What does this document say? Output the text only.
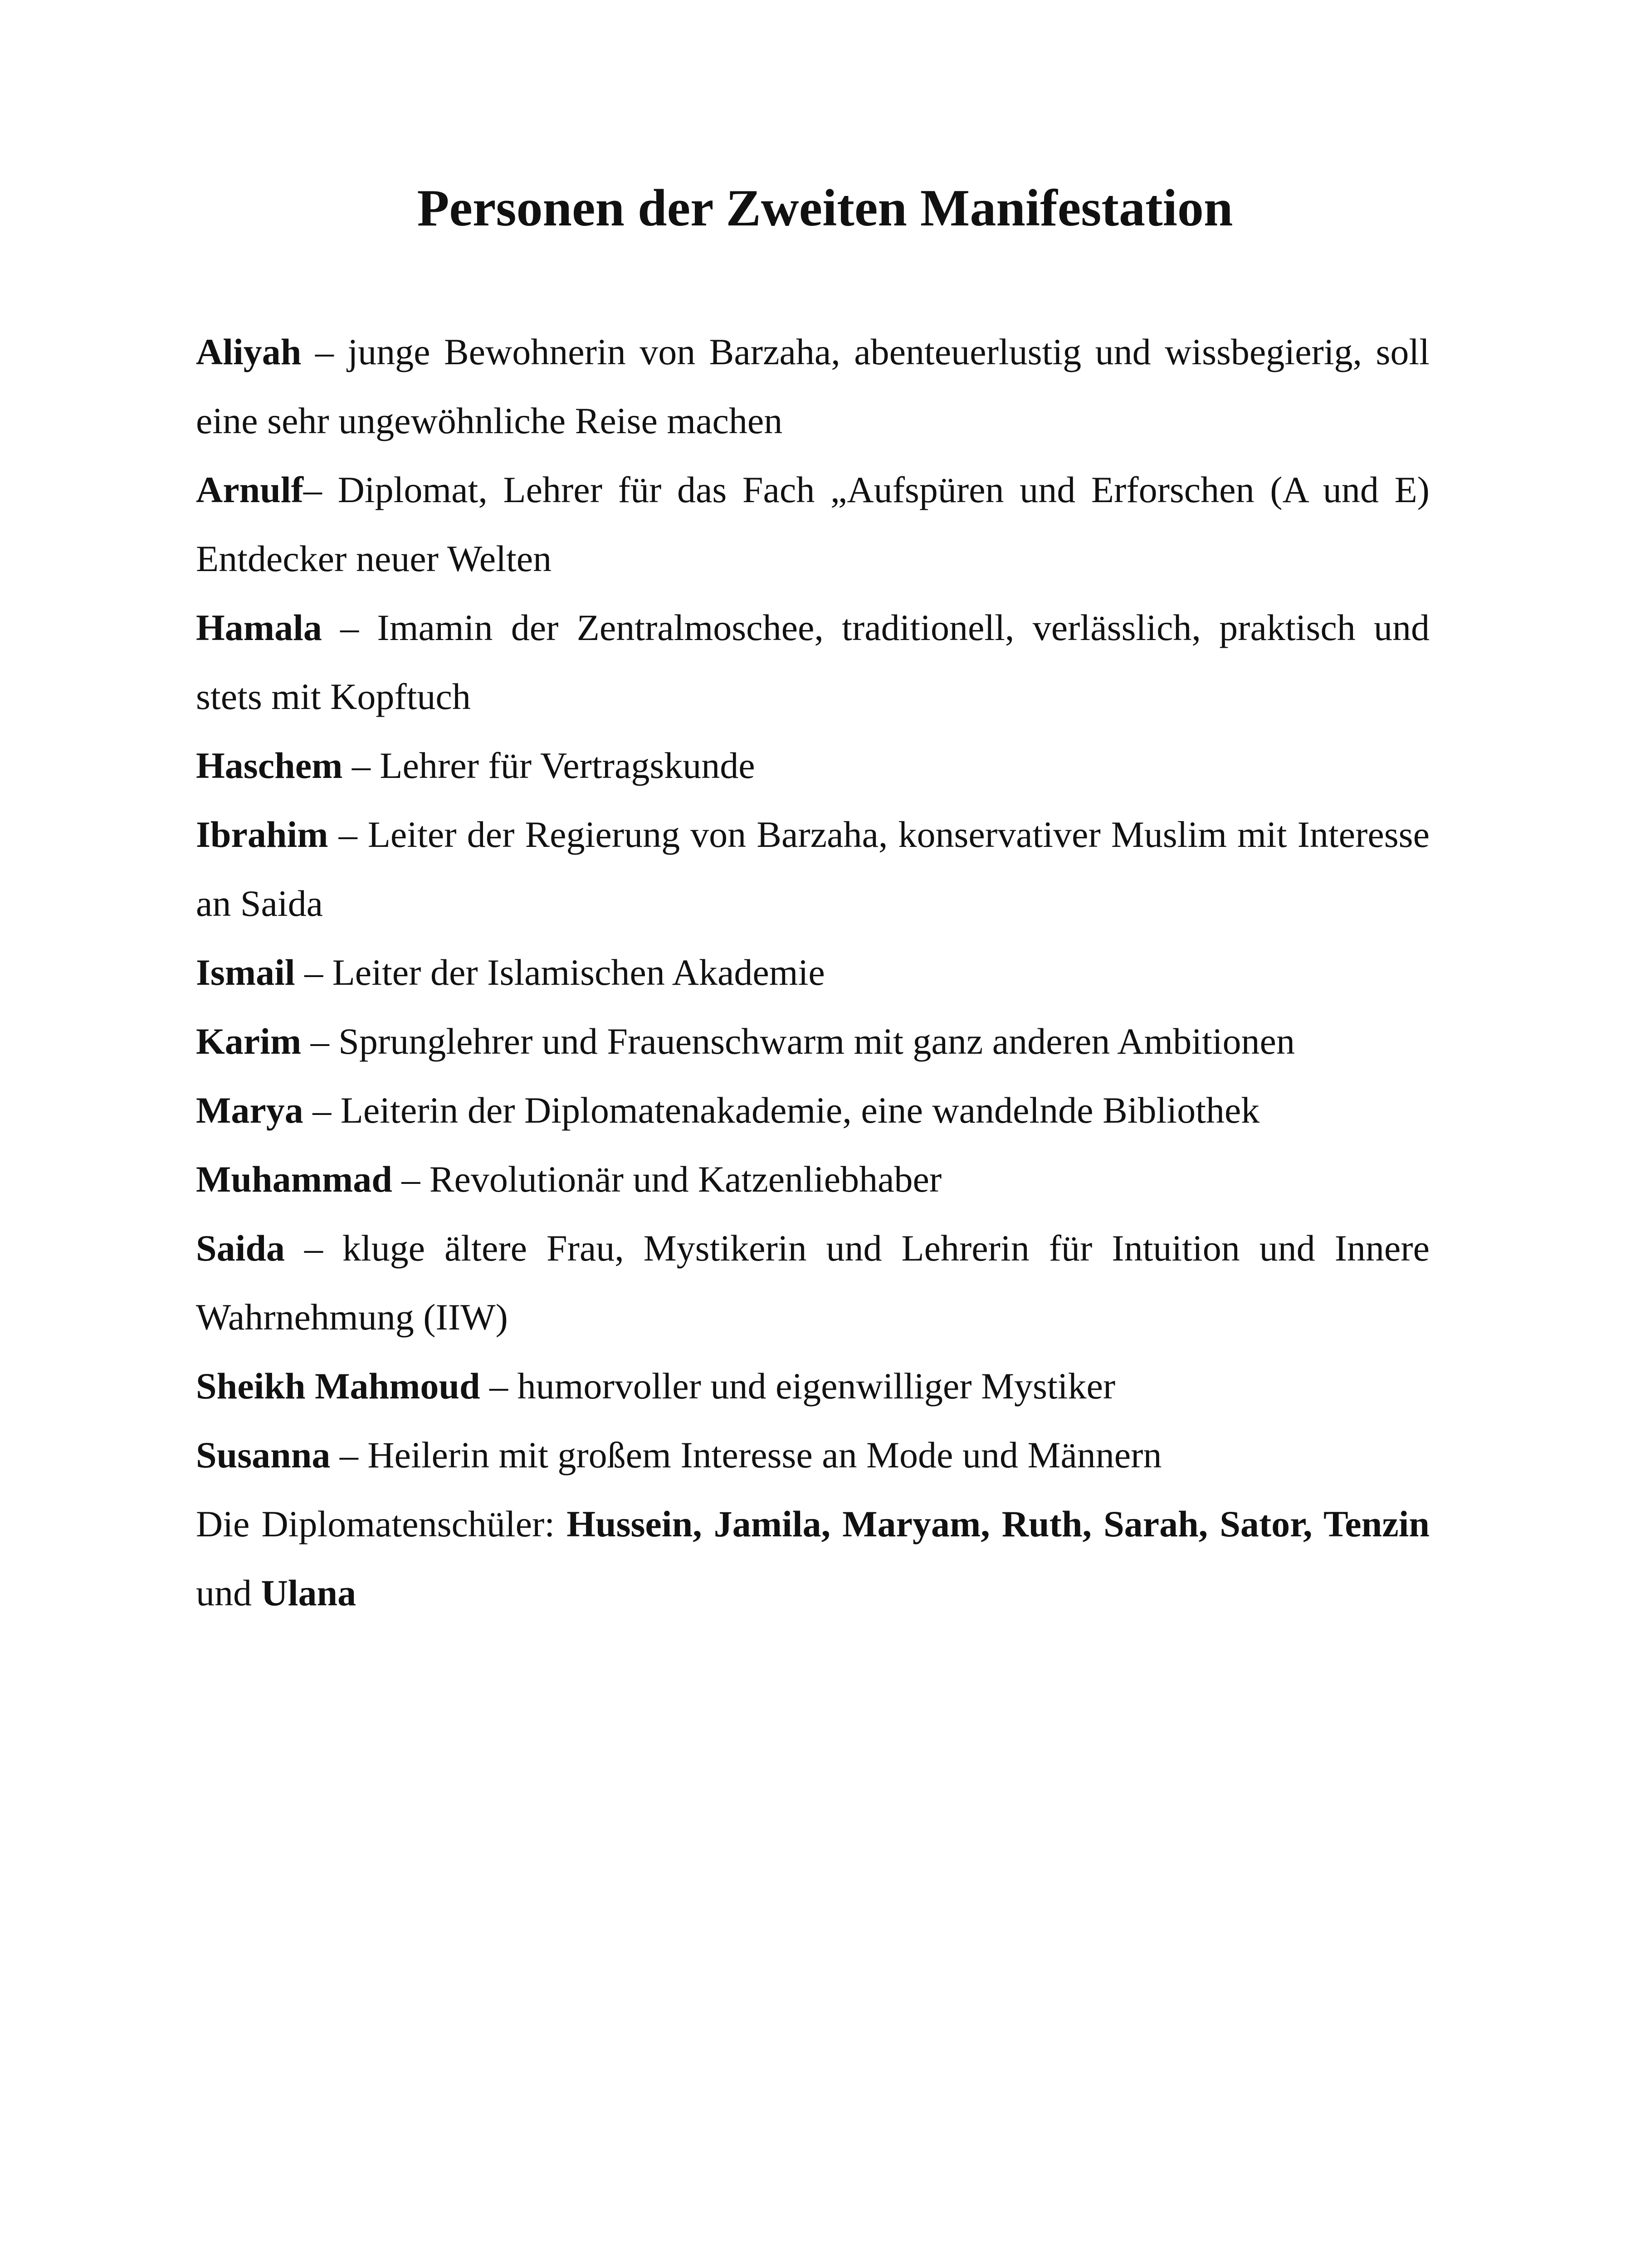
Personen der Zweiten Manifestation

Aliyah – junge Bewohnerin von Barzaha, abenteuerlustig und wissbegierig, soll eine sehr ungewöhnliche Reise machen

Arnulf– Diplomat, Lehrer für das Fach „Aufspüren und Erforschen (A und E) Entdecker neuer Welten

Hamala – Imamin der Zentralmoschee, traditionell, verlässlich, praktisch und stets mit Kopftuch

Haschem – Lehrer für Vertragskunde

Ibrahim – Leiter der Regierung von Barzaha, konservativer Muslim mit Interesse an Saida

Ismail – Leiter der Islamischen Akademie

Karim – Sprunglehrer und Frauenschwarm mit ganz anderen Ambitionen

Marya – Leiterin der Diplomatenakademie, eine wandelnde Bibliothek

Muhammad – Revolutionär und Katzenliebhaber

Saida – kluge ältere Frau, Mystikerin und Lehrerin für Intuition und Innere Wahrnehmung (IIW)

Sheikh Mahmoud – humorvoller und eigenwilliger Mystiker

Susanna – Heilerin mit großem Interesse an Mode und Männern

Die Diplomatenschüler: Hussein, Jamila, Maryam, Ruth, Sarah, Sator, Tenzin und Ulana
